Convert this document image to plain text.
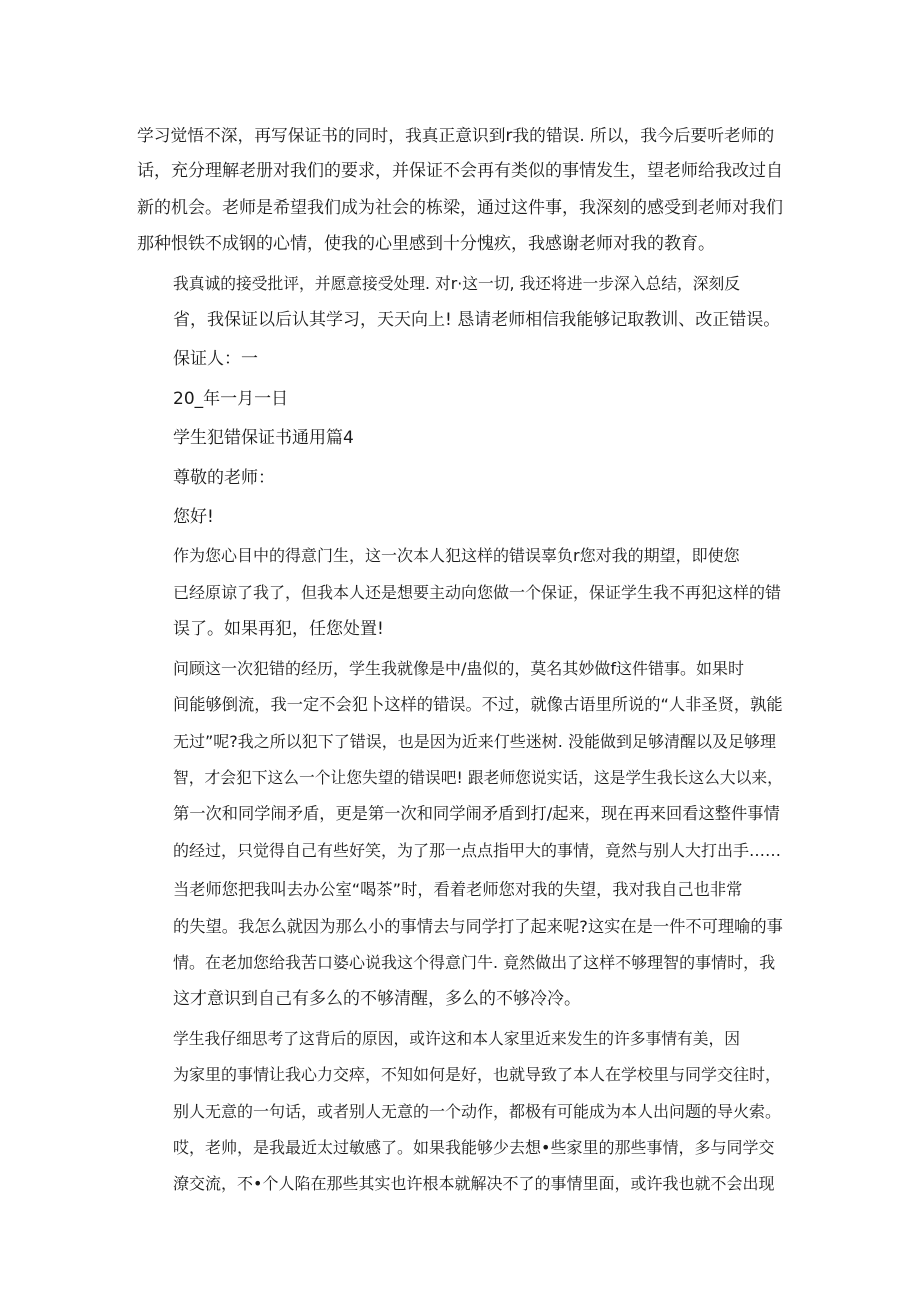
学习觉悟不深，再写保证书的同时，我真正意识到r我的错误. 所以，我今后要听老师的
话，充分理解老册对我们的要求，并保证不会再有类似的事情发生，望老师给我改过自
新的机会。老师是希望我们成为社会的栋梁，通过这件事，我深刻的感受到老师对我们
那种恨铁不成钢的心情，使我的心里感到十分愧疚，我感谢老师对我的教育。

我真诚的接受批评，并愿意接受处理. 对r·这一切, 我还将进一步深入总结，深刻反
省，我保证以后认其学习，天天向上! 恳请老师相信我能够记取教训、改正错误。

保证人：一

20_年一月一日

学生犯错保证书通用篇4

尊敬的老师：

您好!

作为您心目中的得意门生，这一次本人犯这样的错误辜负r您对我的期望，即使您
已经原谅了我了，但我本人还是想要主动向您做一个保证，保证学生我不再犯这样的错
误了。如果再犯，任您处置!

问顾这一次犯错的经历，学生我就像是中/蛊似的，莫名其妙做f这件错事。如果时
间能够倒流，我一定不会犯卜这样的错误。不过，就像古语里所说的“人非圣贤，孰能
无过”呢?我之所以犯下了错误，也是因为近来仃些迷树. 没能做到足够清醒以及足够理
智，才会犯下这么一个让您失望的错误吧! 跟老师您说实话，这是学生我长这么大以来，
第一次和同学闹矛盾，更是第一次和同学闹矛盾到打/起来，现在再来回看这整件事情
的经过，只觉得自己有些好笑，为了那一点点指甲大的事情，竟然与别人大打出手……

当老师您把我叫去办公室“喝茶”时，看着老师您对我的失望，我对我自己也非常
的失望。我怎么就因为那么小的事情去与同学打了起来呢?这实在是一件不可理喻的事
情。在老加您给我苦口婆心说我这个得意门牛. 竟然做出了这样不够理智的事情时，我
这才意识到自己有多么的不够清醒，多么的不够冷冷。

学生我仔细思考了这背后的原因，或许这和本人家里近来发生的许多事情有美，因
为家里的事情让我心力交瘁，不知如何是好，也就导致了本人在学校里与同学交往时，
别人无意的一句话，或者别人无意的一个动作，都极有可能成为本人出问题的导火索。
哎，老帅，是我最近太过敏感了。如果我能够少去想•些家里的那些事情，多与同学交
潦交流，不•个人陷在那些其实也许根本就解决不了的事情里面，或许我也就不会出现
